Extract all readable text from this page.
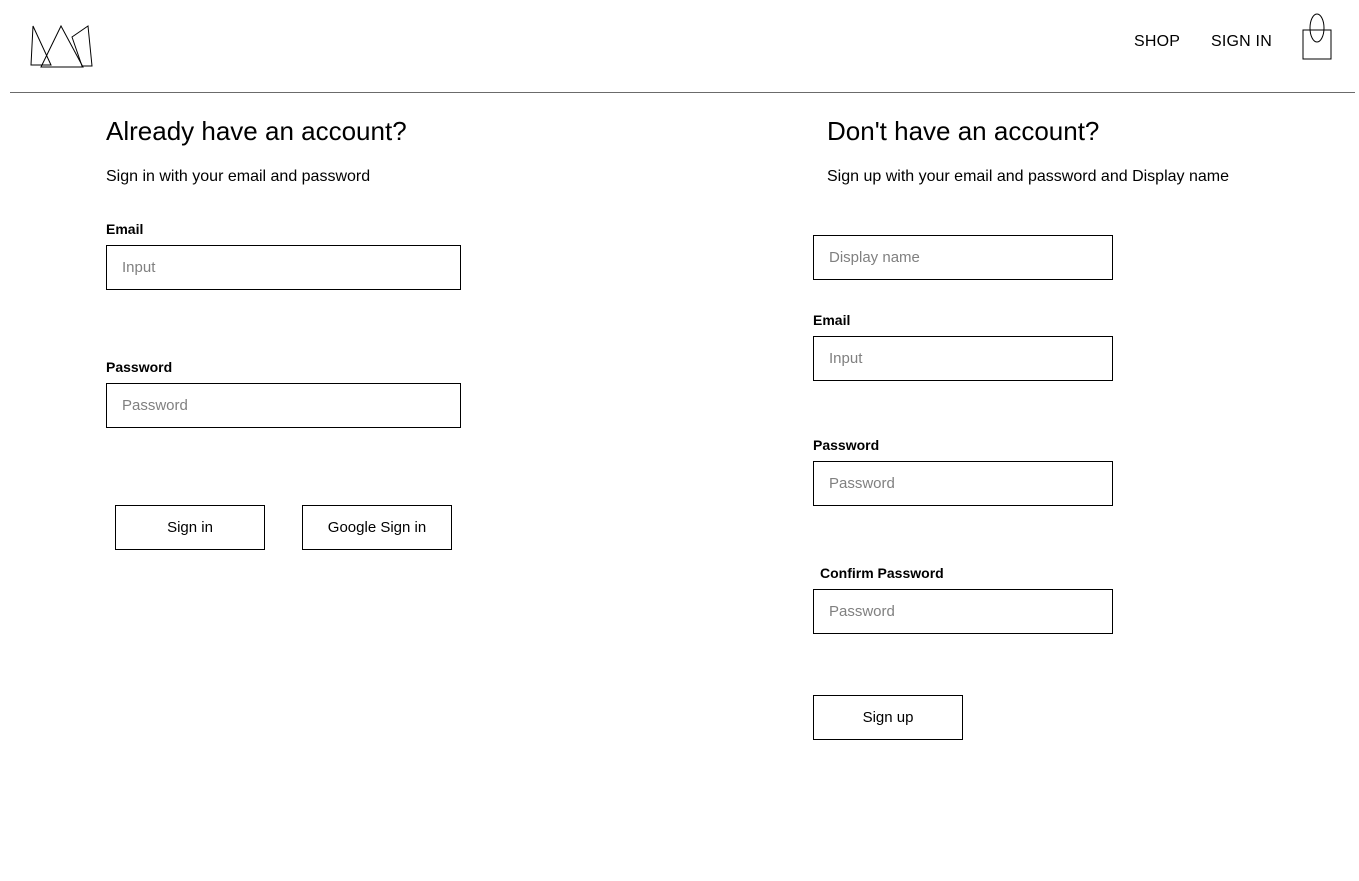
SHOP SIGN IN
Already have an account?

Sign in with your email and password

Email
Input
Password
Sign in	Google Sign in
Don't have an account?

Sign up with your email and password and Display name

Display name
Email
Input
Password
Confirm Password
Sign up
